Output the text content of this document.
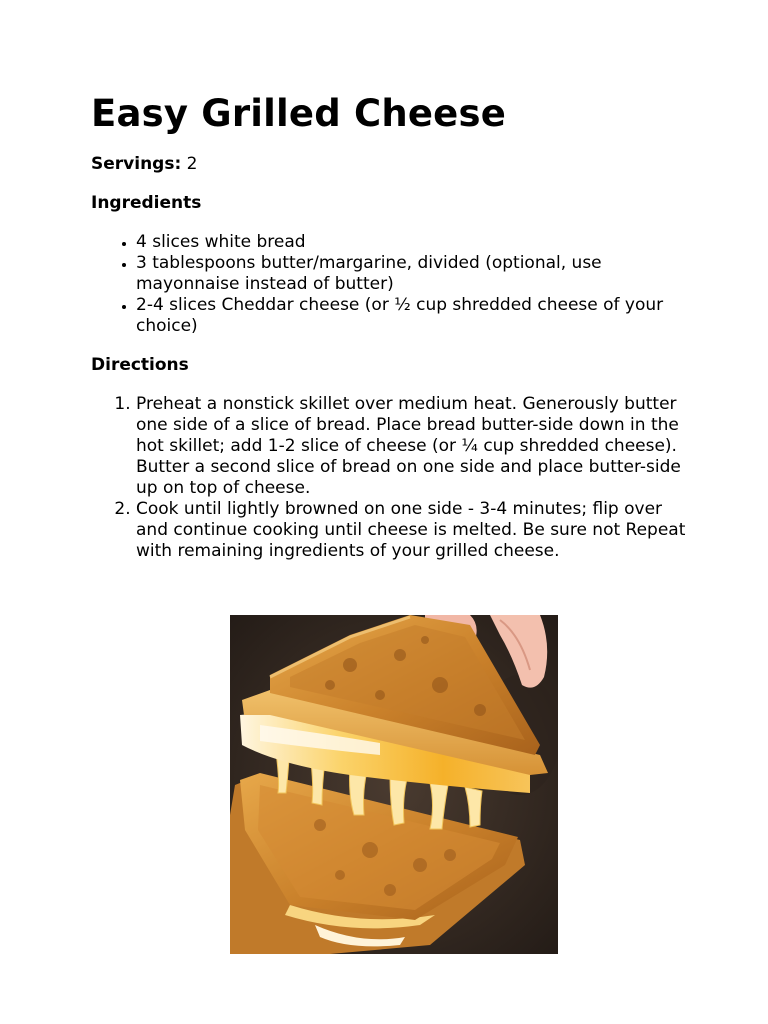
Easy Grilled Cheese

Servings: 2

Ingredients
• 4 slices white bread
• 3 tablespoons butter/margarine, divided (optional, use mayonnaise instead of butter)
• 2-4 slices Cheddar cheese (or ½ cup shredded cheese of your choice)
Directions
1. Preheat a nonstick skillet over medium heat. Generously butter one side of a slice of bread. Place bread butter-side down in the hot skillet; add 1-2 slice of cheese (or ¼ cup shredded cheese). Butter a second slice of bread on one side and place butter-side up on top of cheese.
2. Cook until lightly browned on one side - 3-4 minutes; flip over and continue cooking until cheese is melted. Be sure not Repeat with remaining ingredients of your grilled cheese.
